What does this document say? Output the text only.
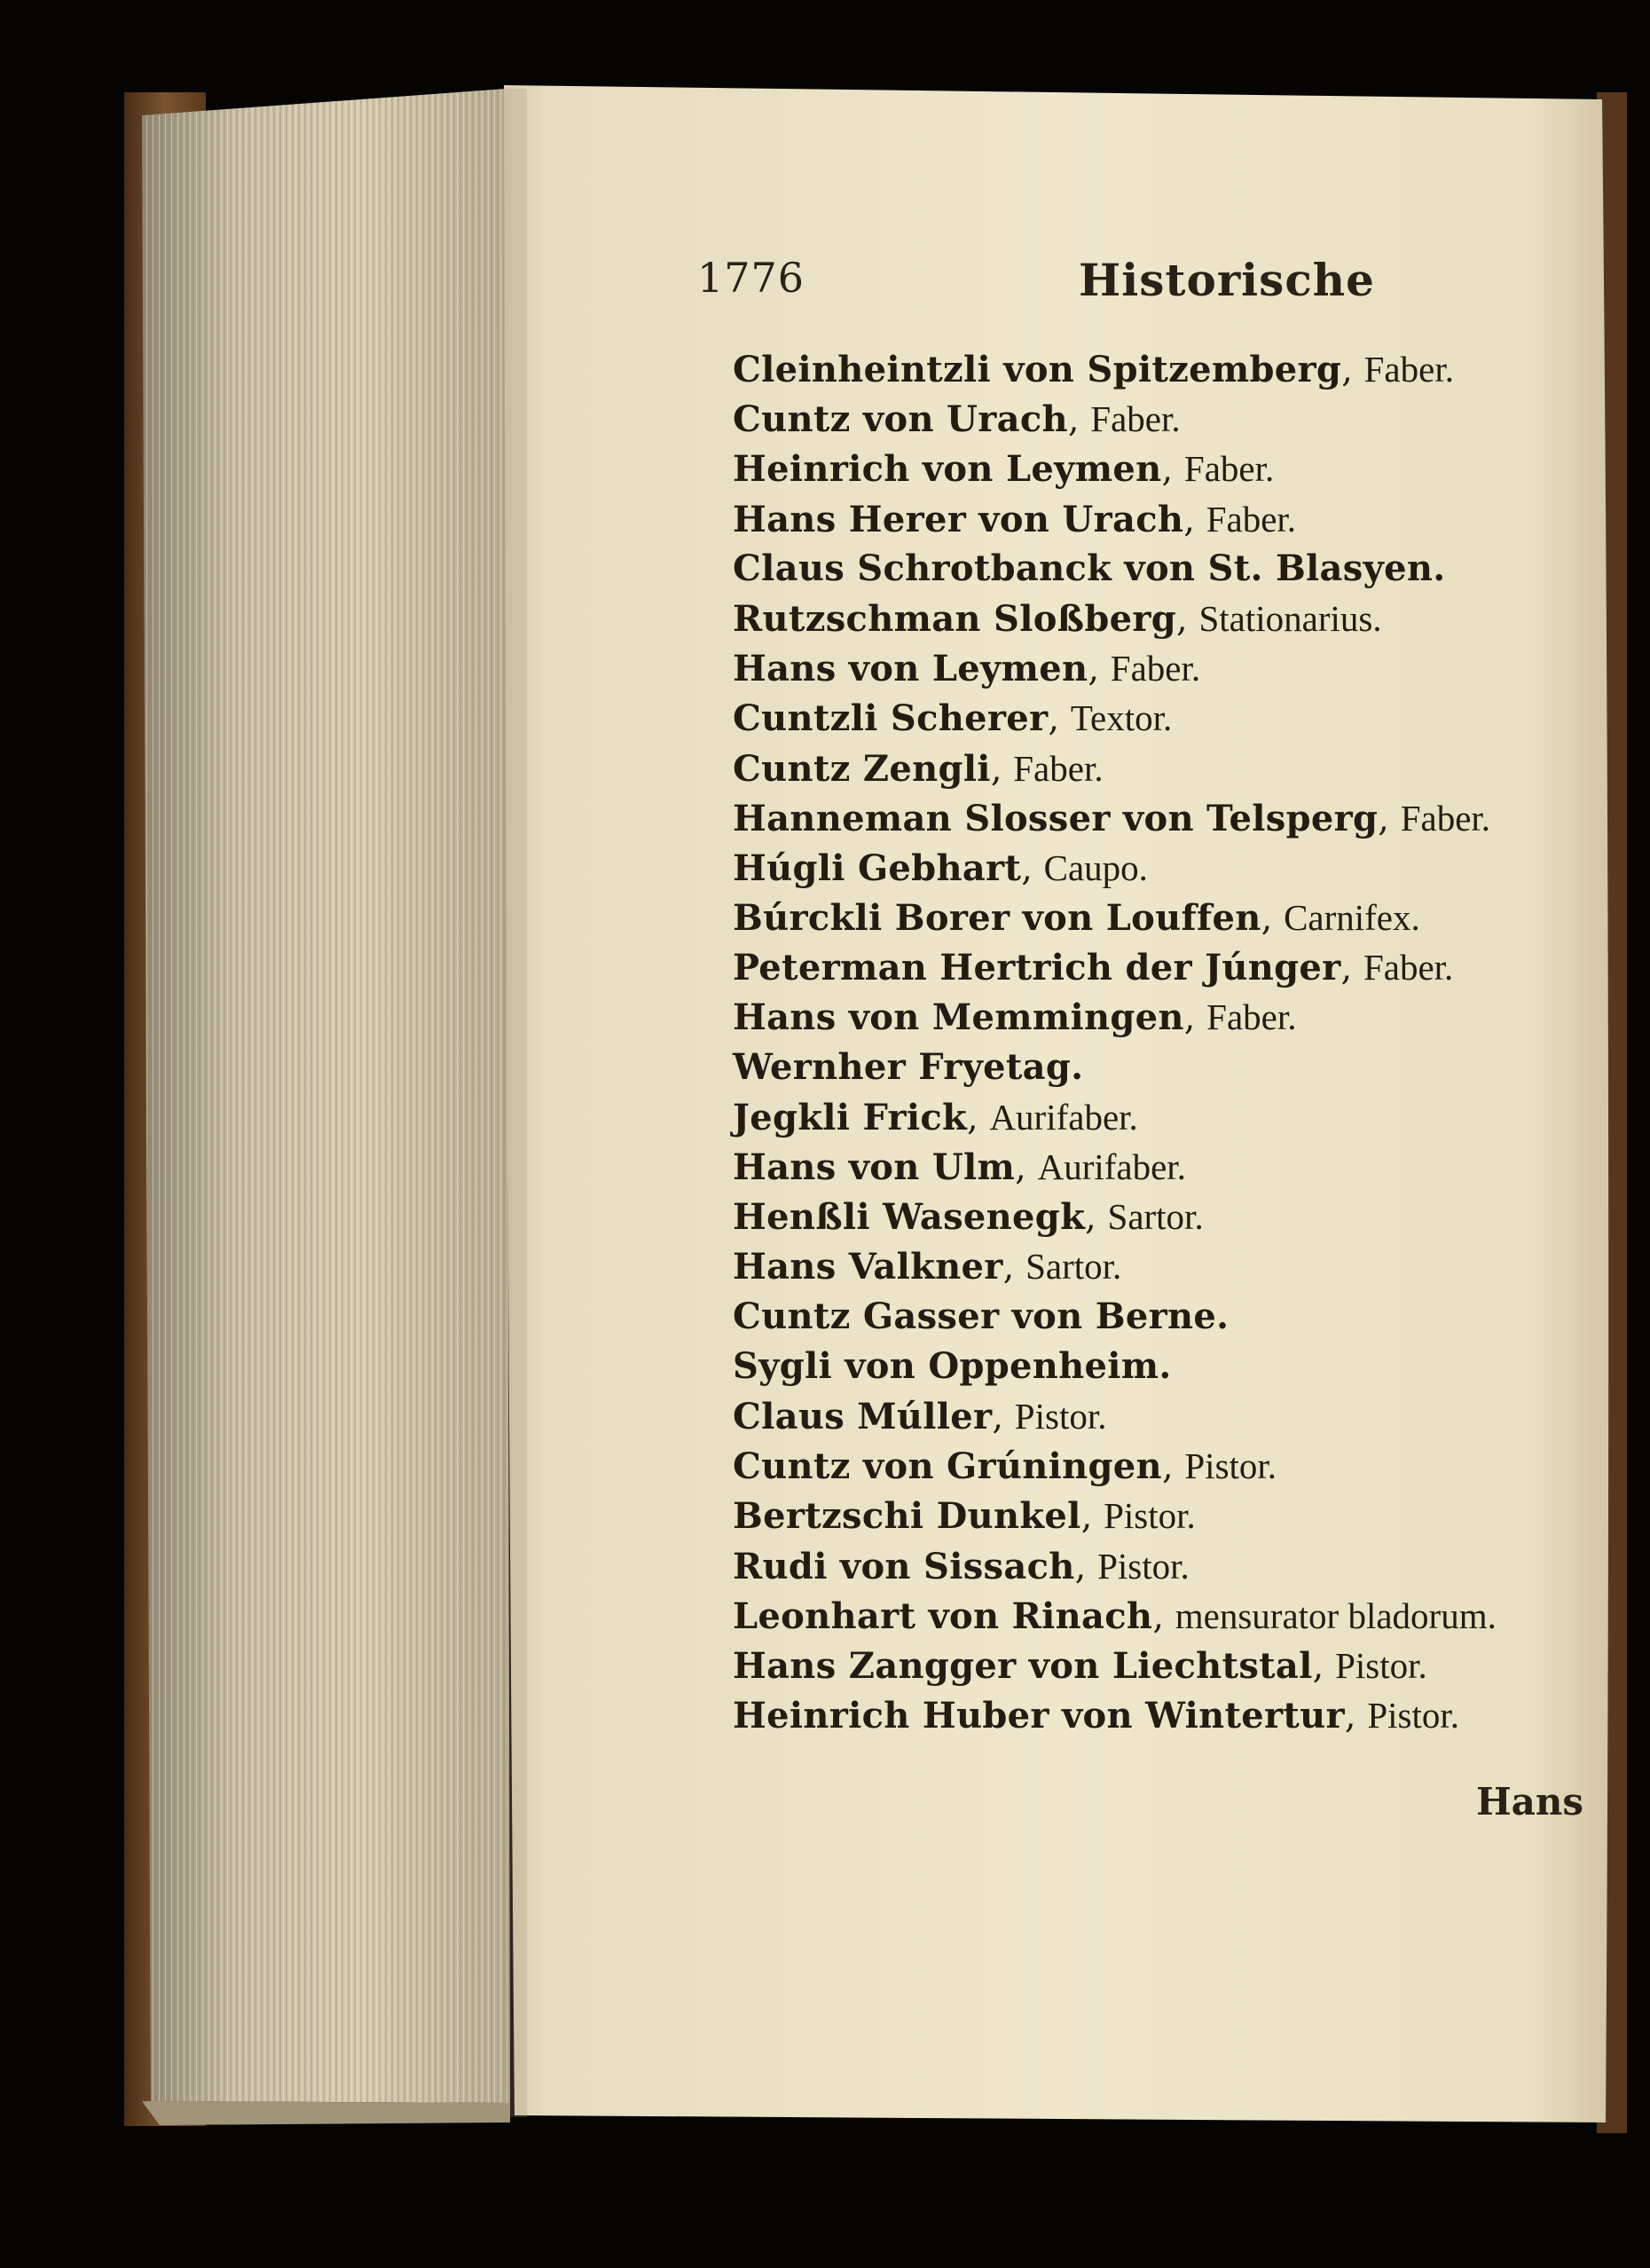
1776	Historische
Cleinheintzli von Spitzemberg, Faber.
Cuntz von Urach, Faber.
Heinrich von Leymen, Faber.
Hans Herer von Urach, Faber.
Claus Schrotbanck von St. Blasyen.
Rutzschman Sloßberg, Stationarius.
Hans von Leymen, Faber.
Cuntzli Scherer, Textor.
Cuntz Zengli, Faber.
Hanneman Slosser von Telsperg, Faber.
Húgli Gebhart, Caupo.
Búrckli Borer von Louffen, Carnifex.
Peterman Hertrich der Júnger, Faber.
Hans von Memmingen, Faber.
Wernher Fryetag.
Jegkli Frick, Aurifaber.
Hans von Ulm, Aurifaber.
Henßli Wasenegk, Sartor.
Hans Valkner, Sartor.
Cuntz Gasser von Berne.
Sygli von Oppenheim.
Claus Múller, Pistor.
Cuntz von Grúningen, Pistor.
Bertzschi Dunkel, Pistor.
Rudi von Sissach, Pistor.
Leonhart von Rinach, mensurator bladorum.
Hans Zangger von Liechtstal, Pistor.
Heinrich Huber von Wintertur, Pistor.
Hans
